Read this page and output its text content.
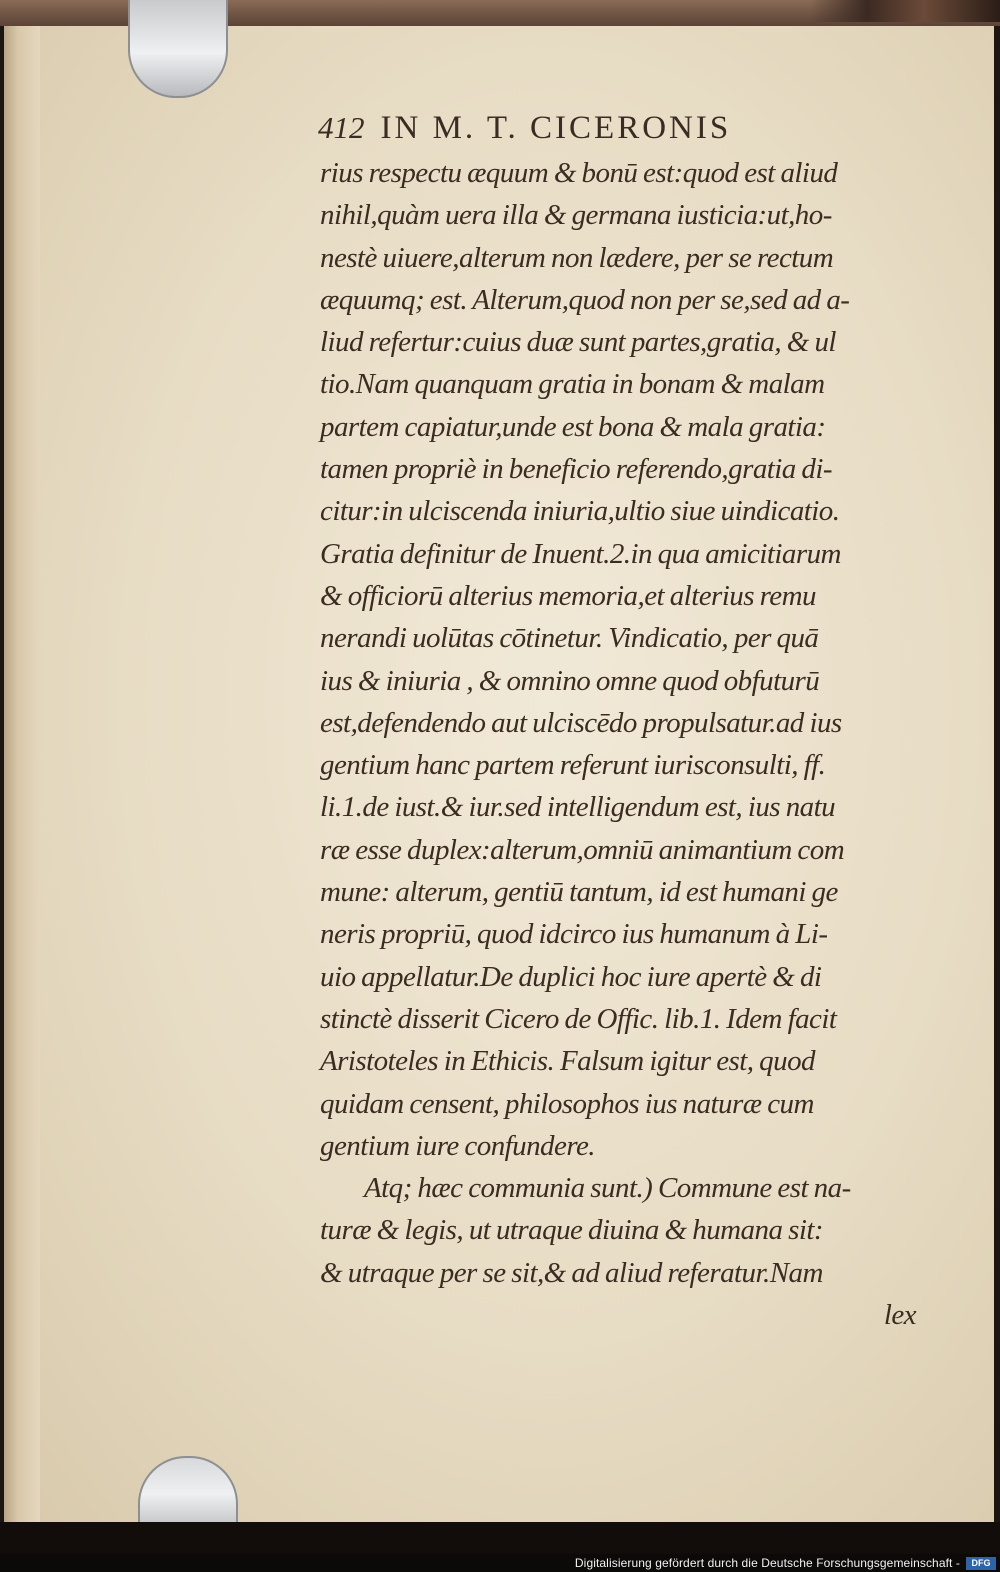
Digitalisierung gefördert durch die Deutsche Forschungsgemeinschaft -	DFG
412 IN M. T. CICERONIS
rius respectu æquum & bonū est:quod est aliud
nihil,quàm uera illa & germana iusticia:ut,ho-
nestè uiuere,alterum non lædere, per se rectum
æquumq; est. Alterum,quod non per se,sed ad a-
liud refertur:cuius duæ sunt partes,gratia, & ul
tio.Nam quanquam gratia in bonam & malam
partem capiatur,unde est bona & mala gratia:
tamen propriè in beneficio referendo,gratia di-
citur:in ulciscenda iniuria,ultio siue uindicatio.
Gratia definitur de Inuent.2.in qua amicitiarum
& officiorū alterius memoria,et alterius remu
nerandi uolūtas cōtinetur. Vindicatio, per quā
ius & iniuria , & omnino omne quod obfuturū
est,defendendo aut ulciscēdo propulsatur.ad ius
gentium hanc partem referunt iurisconsulti, ff.
li.1.de iust.& iur.sed intelligendum est, ius natu
ræ esse duplex:alterum,omniū animantium com
mune: alterum, gentiū tantum, id est humani ge
neris propriū, quod idcirco ius humanum à Li-
uio appellatur.De duplici hoc iure apertè & di
stinctè disserit Cicero de Offic. lib.1. Idem facit
Aristoteles in Ethicis. Falsum igitur est, quod
quidam censent, philosophos ius naturæ cum
gentium iure confundere.
Atq; hæc communia sunt.) Commune est na-
turæ & legis, ut utraque diuina & humana sit:
& utraque per se sit,& ad aliud referatur.Nam
lex
